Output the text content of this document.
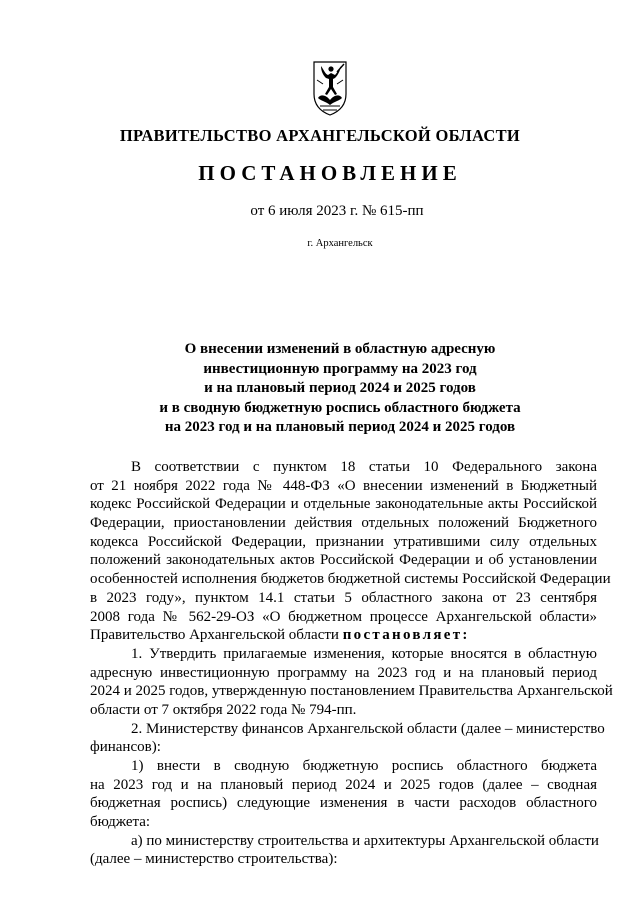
ПРАВИТЕЛЬСТВО АРХАНГЕЛЬСКОЙ ОБЛАСТИ
ПОСТАНОВЛЕНИЕ
от 6 июля 2023 г. № 615-пп
г. Архангельск
О внесении изменений в областную адресную
инвестиционную программу на 2023 год
и на плановый период 2024 и 2025 годов
и в сводную бюджетную роспись областного бюджета
на 2023 год и на плановый период 2024 и 2025 годов
В соответствии с пунктом 18 статьи 10 Федерального закона
от 21 ноября 2022 года № 448-ФЗ «О внесении изменений в Бюджетный
кодекс Российской Федерации и отдельные законодательные акты Российской
Федерации, приостановлении действия отдельных положений Бюджетного
кодекса Российской Федерации, признании утратившими силу отдельных
положений законодательных актов Российской Федерации и об установлении
особенностей исполнения бюджетов бюджетной системы Российской Федерации
в 2023 году», пунктом 14.1 статьи 5 областного закона от 23 сентября
2008 года № 562-29-ОЗ «О бюджетном процессе Архангельской области»
Правительство Архангельской области постановляет:
1. Утвердить прилагаемые изменения, которые вносятся в областную
адресную инвестиционную программу на 2023 год и на плановый период
2024 и 2025 годов, утвержденную постановлением Правительства Архангельской
области от 7 октября 2022 года № 794-пп.
2. Министерству финансов Архангельской области (далее – министерство
финансов):
1) внести в сводную бюджетную роспись областного бюджета
на 2023 год и на плановый период 2024 и 2025 годов (далее – сводная
бюджетная роспись) следующие изменения в части расходов областного
бюджета:
а) по министерству строительства и архитектуры Архангельской области
(далее – министерство строительства):
